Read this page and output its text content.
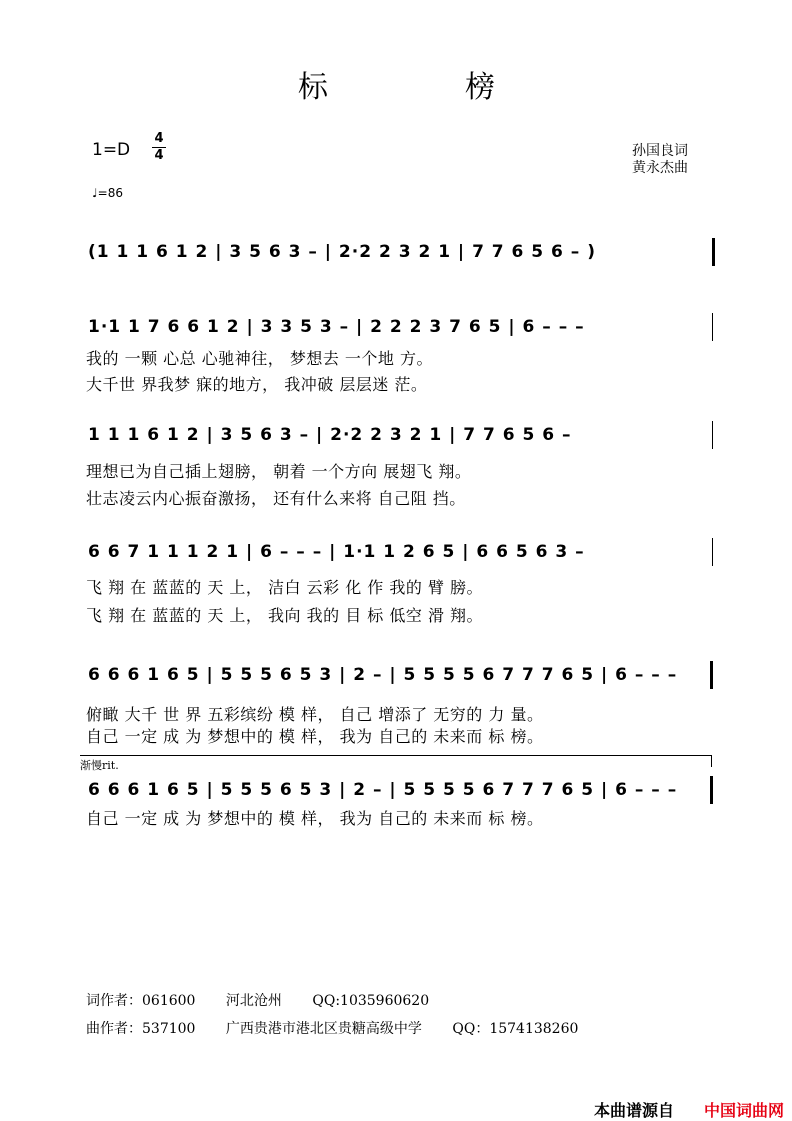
标	榜
1=D
4
4
♩=86
孙国良词
黄永杰曲
(1 1 1 6 1 2 | 3 5 6 3 – | 2·2 2 3 2 1 | 7 7 6 5 6 – )
1·1 1 7 6 6 1 2 | 3 3 5 3 – | 2 2 2 3 7 6 5 | 6 – – –
我的 一颗 心总 心驰神往， 梦想去 一个地 方。
大千世 界我梦 寐的地方， 我冲破 层层迷 茫。
1 1 1 6 1 2 | 3 5 6 3 – | 2·2 2 3 2 1 | 7 7 6 5 6 –
理想已为自己插上翅膀， 朝着 一个方向 展翅飞 翔。
壮志凌云内心振奋激扬， 还有什么来将 自己阻 挡。
6 6 7 1 1 1 2 1 | 6 – – – | 1·1 1 2 6 5 | 6 6 5 6 3 –
飞 翔 在 蓝蓝的 天 上， 洁白 云彩 化 作 我的 臂 膀。
飞 翔 在 蓝蓝的 天 上， 我向 我的 目 标 低空 滑 翔。
6 6 6 1 6 5 | 5 5 5 6 5 3 | 2 – | 5 5 5 5 6 7 7 7 6 5 | 6 – – –
俯瞰 大千 世 界 五彩缤纷 模 样， 自己 增添了 无穷的 力 量。
自己 一定 成 为 梦想中的 模 样， 我为 自己的 未来而 标 榜。
渐慢rit.
6 6 6 1 6 5 | 5 5 5 6 5 3 | 2 – | 5 5 5 5 6 7 7 7 6 5 | 6 – – –
自己 一定 成 为 梦想中的 模 样， 我为 自己的 未来而 标 榜。
词作者：061600 河北沧州 QQ:1035960620
曲作者：537100 广西贵港市港北区贵糖高级中学 QQ：1574138260
本曲谱源自 中国词曲网
